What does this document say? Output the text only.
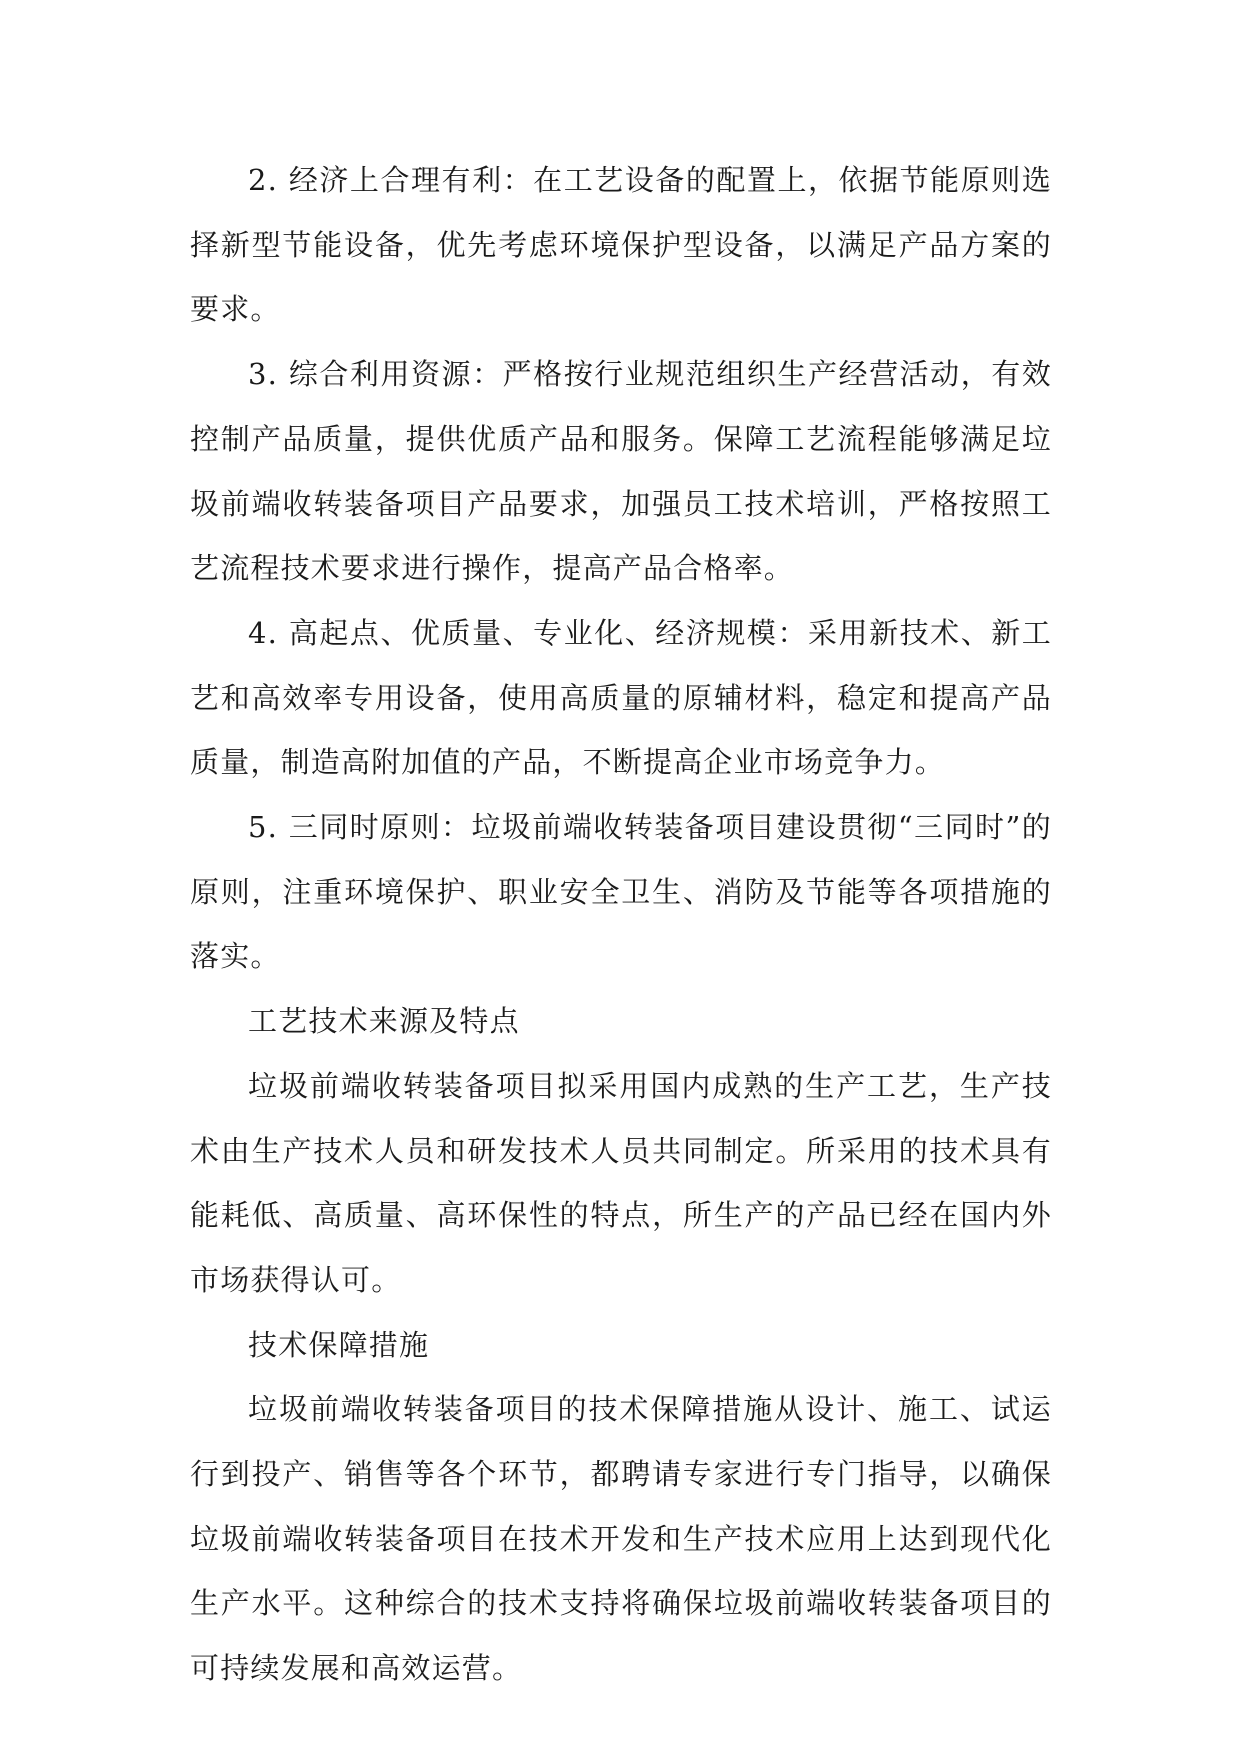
2. 经济上合理有利：在工艺设备的配置上，依据节能原则选择新型节能设备，优先考虑环境保护型设备，以满足产品方案的要求。

3. 综合利用资源：严格按行业规范组织生产经营活动，有效控制产品质量，提供优质产品和服务。保障工艺流程能够满足垃圾前端收转装备项目产品要求，加强员工技术培训，严格按照工艺流程技术要求进行操作，提高产品合格率。

4. 高起点、优质量、专业化、经济规模：采用新技术、新工艺和高效率专用设备，使用高质量的原辅材料，稳定和提高产品质量，制造高附加值的产品，不断提高企业市场竞争力。

5. 三同时原则：垃圾前端收转装备项目建设贯彻“三同时”的原则，注重环境保护、职业安全卫生、消防及节能等各项措施的落实。

工艺技术来源及特点

垃圾前端收转装备项目拟采用国内成熟的生产工艺，生产技术由生产技术人员和研发技术人员共同制定。所采用的技术具有能耗低、高质量、高环保性的特点，所生产的产品已经在国内外市场获得认可。

技术保障措施

垃圾前端收转装备项目的技术保障措施从设计、施工、试运行到投产、销售等各个环节，都聘请专家进行专门指导，以确保垃圾前端收转装备项目在技术开发和生产技术应用上达到现代化生产水平。这种综合的技术支持将确保垃圾前端收转装备项目的可持续发展和高效运营。
